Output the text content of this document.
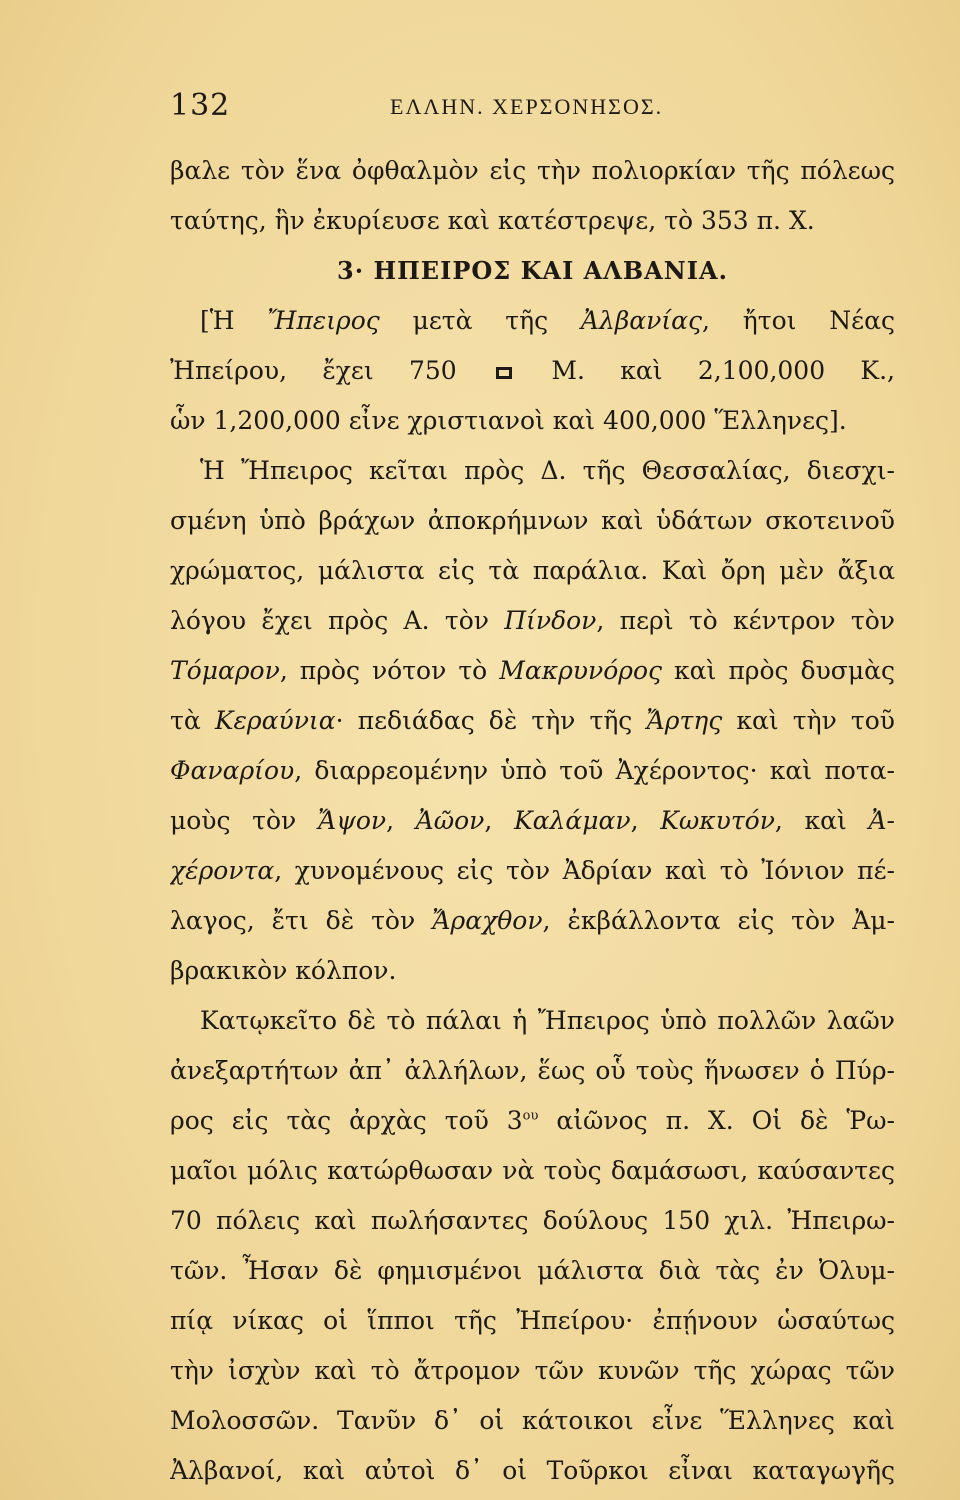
132	ΕΛΛΗΝ. ΧΕΡΣΟΝΗΣΟΣ.
βαλε τὸν ἕνα ὀφθαλμὸν εἰς τὴν πολιορκίαν τῆς πόλεως
ταύτης, ἣν ἐκυρίευσε καὶ κατέστρεψε, τὸ 353 π. Χ.
3· ΗΠΕΙΡΟΣ ΚΑΙ ΑΛΒΑΝΙΑ.
[Ἡ Ἤπειρος μετὰ τῆς Ἀλβανίας, ἤτοι Νέας
Ἠπείρου, ἔχει 750  Μ. καὶ 2,100,000 Κ.,
ὧν 1,200,000 εἶνε χριστιανοὶ καὶ 400,000 Ἕλληνες].
Ἡ Ἤπειρος κεῖται πρὸς Δ. τῆς Θεσσαλίας, διεσχι-
σμένη ὑπὸ βράχων ἀποκρήμνων καὶ ὑδάτων σκοτεινοῦ
χρώματος, μάλιστα εἰς τὰ παράλια. Καὶ ὄρη μὲν ἄξια
λόγου ἔχει πρὸς Α. τὸν Πίνδον, περὶ τὸ κέντρον τὸν
Τόμαρον, πρὸς νότον τὸ Μακρυνόρος καὶ πρὸς δυσμὰς
τὰ Κεραύνια· πεδιάδας δὲ τὴν τῆς Ἄρτης καὶ τὴν τοῦ
Φαναρίου, διαρρεομένην ὑπὸ τοῦ Ἀχέροντος· καὶ ποτα-
μοὺς τὸν Ἄψον, Ἀῶον, Καλάμαν, Κωκυτόν, καὶ Ἀ-
χέροντα, χυνομένους εἰς τὸν Ἀδρίαν καὶ τὸ Ἰόνιον πέ-
λαγος, ἔτι δὲ τὸν Ἄραχθον, ἐκβάλλοντα εἰς τὸν Ἀμ-
βρακικὸν κόλπον.
Κατῳκεῖτο δὲ τὸ πάλαι ἡ Ἤπειρος ὑπὸ πολλῶν λαῶν
ἀνεξαρτήτων ἀπ᾽ ἀλλήλων, ἕως οὗ τοὺς ἥνωσεν ὁ Πύρ-
ρος εἰς τὰς ἀρχὰς τοῦ $3^{o\upsilon}$ αἰῶνος π. Χ. Οἱ δὲ Ῥω-
μαῖοι μόλις κατώρθωσαν νὰ τοὺς δαμάσωσι, καύσαντες
70 πόλεις καὶ πωλήσαντες δούλους 150 χιλ. Ἠπειρω-
τῶν. Ἦσαν δὲ φημισμένοι μάλιστα διὰ τὰς ἐν Ὀλυμ-
πίᾳ νίκας οἱ ἵπποι τῆς Ἠπείρου· ἐπῄνουν ὡσαύτως
τὴν ἰσχὺν καὶ τὸ ἄτρομον τῶν κυνῶν τῆς χώρας τῶν
Μολοσσῶν. Τανῦν δ᾽ οἱ κάτοικοι εἶνε Ἕλληνες καὶ
Ἀλβανοί, καὶ αὐτοὶ δ᾽ οἱ Τοῦρκοι εἶναι καταγωγῆς
